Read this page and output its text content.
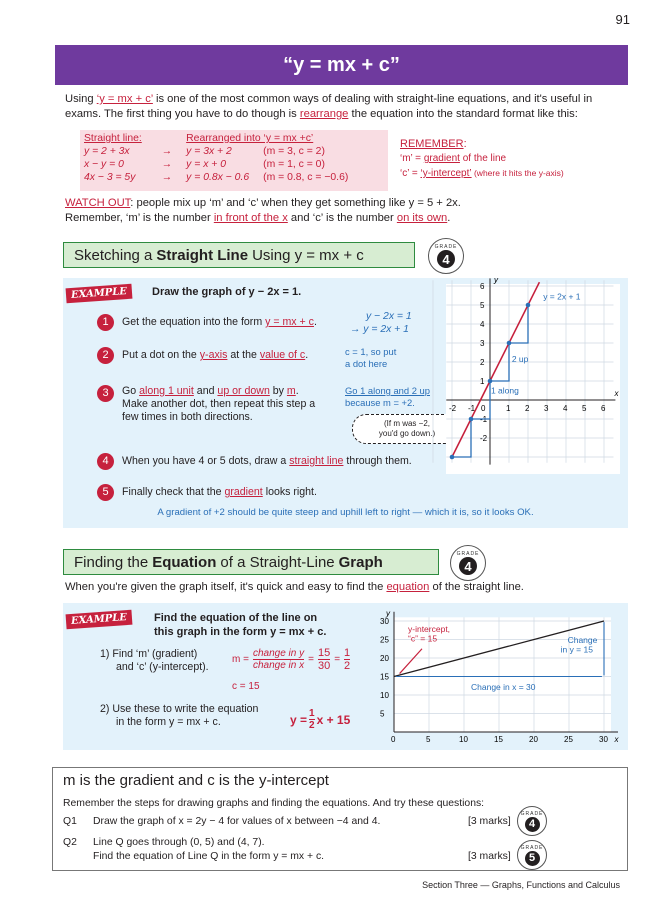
91
“y = mx + c”
Using ‘y = mx + c’ is one of the most common ways of dealing with straight-line equations, and it's useful in exams. The first thing you have to do though is rearrange the equation into the standard format like this:
Straight line:		Rearranged into ‘y = mx +c’	
y = 2 + 3x	→	y = 3x + 2	(m = 3, c = 2)
x − y = 0	→	y = x + 0	(m = 1, c = 0)
4x − 3 = 5y	→	y = 0.8x − 0.6	(m = 0.8, c = −0.6)
REMEMBER:
‘m’ = gradient of the line
‘c’ = ‘y-intercept’ (where it hits the y-axis)
WATCH OUT: people mix up ‘m’ and ‘c’ when they get something like y = 5 + 2x.
Remember, ‘m’ is the number in front of the x and ‘c’ is the number on its own.
Sketching a Straight Line Using y = mx + c	GRADE
4
EXAMPLE	Draw the graph of y − 2x = 1.
1	Get the equation into the form y = mx + c.
2	Put a dot on the y-axis at the value of c.
3	Go along 1 unit and up or down by m.
Make another dot, then repeat this step a
few times in both directions.
4	When you have 4 or 5 dots, draw a straight line through them.
5	Finally check that the gradient looks right.
y − 2x = 1
→ y = 2x + 1
c = 1, so put
a dot here
Go 1 along and 2 up
because m = +2.
(If m was −2,
you'd go down.)
A gradient of +2 should be quite steep and uphill left to right — which it is, so it looks OK.
x
y
-2 -1	1 2 3 4 5 6
0
-2
-1
1
2
3
4
5
6
y = 2x + 1
2 up
1 along
Finding the Equation of a Straight-Line Graph	GRADE
4
When you're given the graph itself, it's quick and easy to find the equation of the straight line.
EXAMPLE	Find the equation of the line on
this graph in the form y = mx + c.
1) Find ‘m’ (gradient)
and ‘c’ (y-intercept).
m =
change in y
change in x
= $\frac{15}{30} = \frac{1}{2}$
c = 15
2) Use these to write the equation
in the form y = mx + c.	$y = \frac{1}{2}$ x + 15
x
y
0	5	10	15	20	25	30
5
10
15
20
25
30
Change in x = 30
Change
in y = 15
y-intercept,
“c” = 15
m is the gradient and c is the y-intercept
Remember the steps for drawing graphs and finding the equations. And try these questions:
Q1 Draw the graph of x = 2y − 4 for values of x between −4 and 4.	[3 marks]
Q2 Line Q goes through (0, 5) and (4, 7).
Find the equation of Line Q in the form y = mx + c.	[3 marks]
GRADE
4
GRADE
5
Section Three — Graphs, Functions and Calculus
